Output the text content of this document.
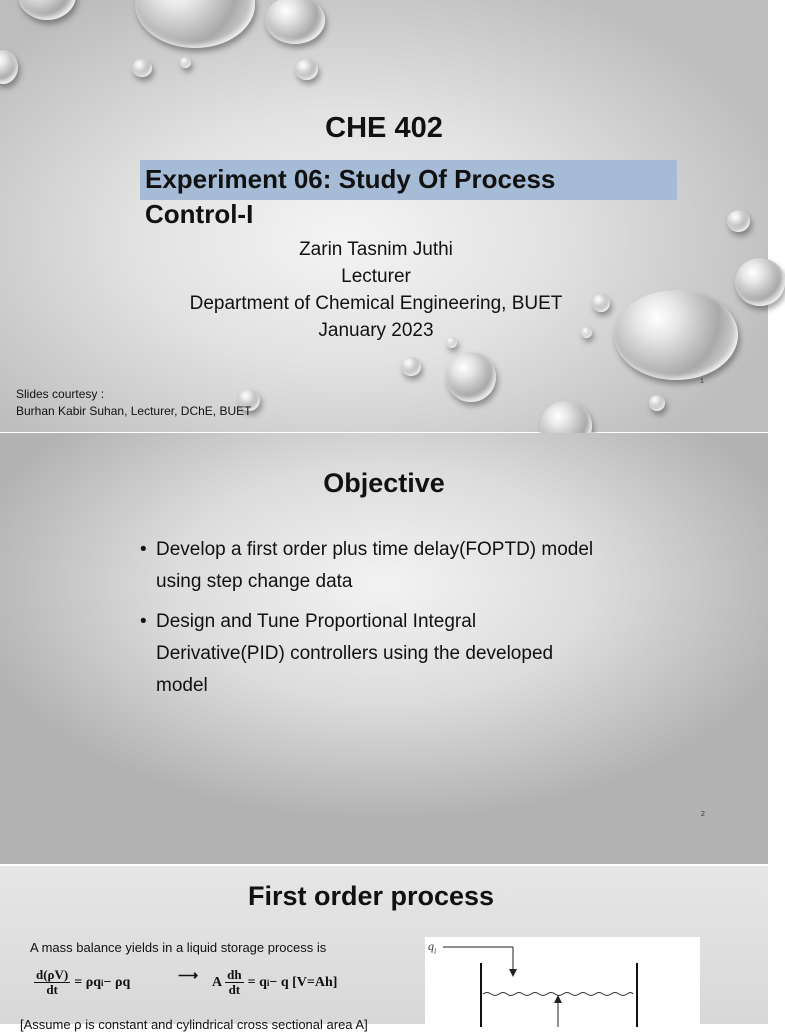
CHE 402
Experiment 06: Study Of Process
Control-I
Zarin Tasnim Juthi
Lecturer
Department of Chemical Engineering, BUET
January 2023
Slides courtesy :
Burhan Kabir Suhan, Lecturer, DChE, BUET
1
Objective
• Develop a first order plus time delay(FOPTD) model
using step change data
• Design and Tune Proportional Integral
Derivative(PID) controllers using the developed
model
2
First order process
A mass balance yields in a liquid storage process is
$\frac{d(\rho V)}{dt} = \rho q$ i − ρq	⟶ A $\frac{dh}{dt} = q$ i − q [V=Ah]
[Assume ρ is constant and cylindrical cross sectional area A]
$q_i$
